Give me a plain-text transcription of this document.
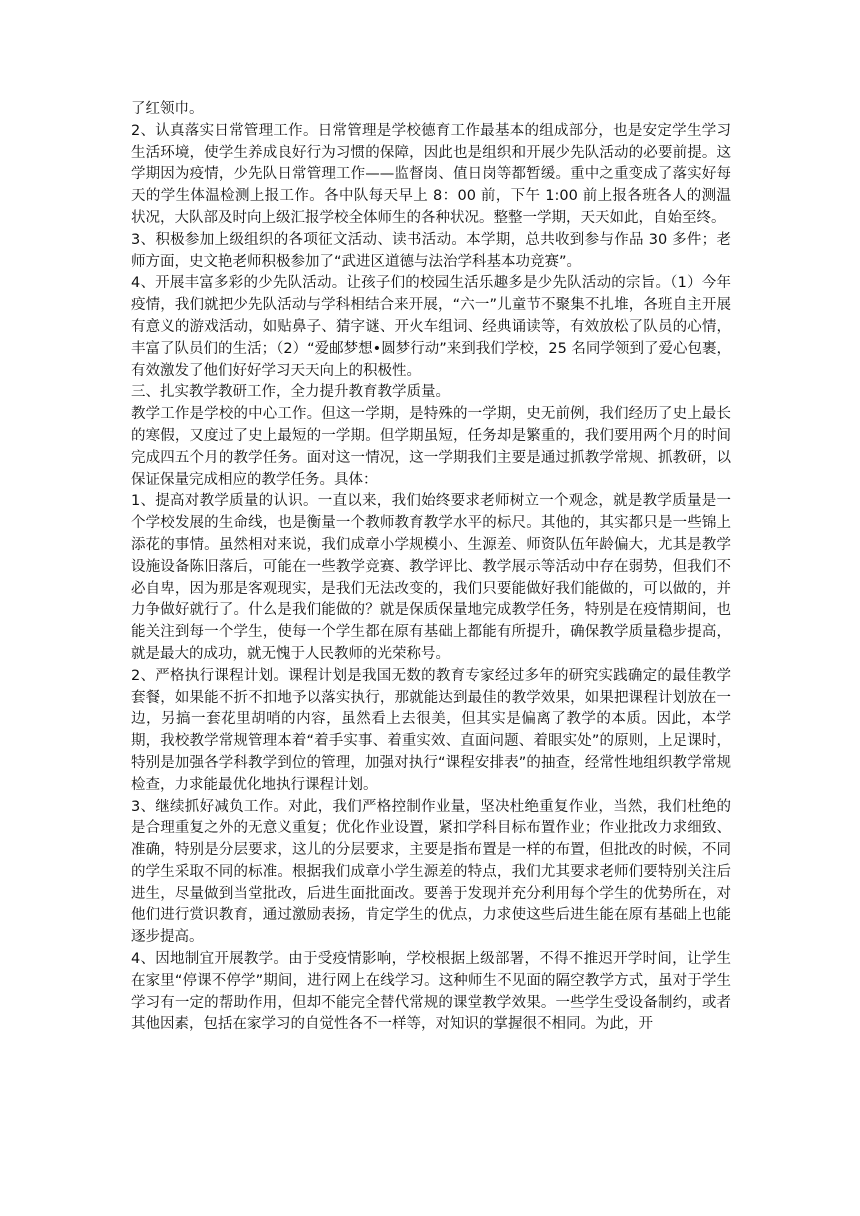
了红领巾。

2、认真落实日常管理工作。日常管理是学校德育工作最基本的组成部分，也是安定学生学习生活环境，使学生养成良好行为习惯的保障，因此也是组织和开展少先队活动的必要前提。这学期因为疫情，少先队日常管理工作——监督岗、值日岗等都暂缓。重中之重变成了落实好每天的学生体温检测上报工作。各中队每天早上 8：00 前，下午 1:00 前上报各班各人的测温状况，大队部及时向上级汇报学校全体师生的各种状况。整整一学期，天天如此，自始至终。

3、积极参加上级组织的各项征文活动、读书活动。本学期，总共收到参与作品 30 多件；老师方面，史文艳老师积极参加了“武进区道德与法治学科基本功竞赛”。

4、开展丰富多彩的少先队活动。让孩子们的校园生活乐趣多是少先队活动的宗旨。（1）今年疫情，我们就把少先队活动与学科相结合来开展，“六一”儿童节不聚集不扎堆，各班自主开展有意义的游戏活动，如贴鼻子、猜字谜、开火车组词、经典诵读等，有效放松了队员的心情，丰富了队员们的生活；（2）“爱邮梦想•圆梦行动”来到我们学校，25 名同学领到了爱心包裹，有效激发了他们好好学习天天向上的积极性。

三、扎实教学教研工作，全力提升教育教学质量。

教学工作是学校的中心工作。但这一学期，是特殊的一学期，史无前例，我们经历了史上最长的寒假，又度过了史上最短的一学期。但学期虽短，任务却是繁重的，我们要用两个月的时间完成四五个月的教学任务。面对这一情况，这一学期我们主要是通过抓教学常规、抓教研，以保证保量完成相应的教学任务。具体：

1、提高对教学质量的认识。一直以来，我们始终要求老师树立一个观念，就是教学质量是一个学校发展的生命线，也是衡量一个教师教育教学水平的标尺。其他的，其实都只是一些锦上添花的事情。虽然相对来说，我们成章小学规模小、生源差、师资队伍年龄偏大，尤其是教学设施设备陈旧落后，可能在一些教学竞赛、教学评比、教学展示等活动中存在弱势，但我们不必自卑，因为那是客观现实，是我们无法改变的，我们只要能做好我们能做的，可以做的，并力争做好就行了。什么是我们能做的？就是保质保量地完成教学任务，特别是在疫情期间，也能关注到每一个学生，使每一个学生都在原有基础上都能有所提升，确保教学质量稳步提高，就是最大的成功，就无愧于人民教师的光荣称号。

2、严格执行课程计划。课程计划是我国无数的教育专家经过多年的研究实践确定的最佳教学套餐，如果能不折不扣地予以落实执行，那就能达到最佳的教学效果，如果把课程计划放在一边，另搞一套花里胡哨的内容，虽然看上去很美，但其实是偏离了教学的本质。因此，本学期，我校教学常规管理本着“着手实事、着重实效、直面问题、着眼实处”的原则，上足课时，特别是加强各学科教学到位的管理，加强对执行“课程安排表”的抽查，经常性地组织教学常规检查，力求能最优化地执行课程计划。

3、继续抓好减负工作。对此，我们严格控制作业量，坚决杜绝重复作业，当然，我们杜绝的是合理重复之外的无意义重复；优化作业设置，紧扣学科目标布置作业；作业批改力求细致、准确，特别是分层要求，这儿的分层要求，主要是指布置是一样的布置，但批改的时候，不同的学生采取不同的标准。根据我们成章小学生源差的特点，我们尤其要求老师们要特别关注后进生，尽量做到当堂批改，后进生面批面改。要善于发现并充分利用每个学生的优势所在，对他们进行赏识教育，通过激励表扬，肯定学生的优点，力求使这些后进生能在原有基础上也能逐步提高。

4、因地制宜开展教学。由于受疫情影响，学校根据上级部署，不得不推迟开学时间，让学生在家里“停课不停学”期间，进行网上在线学习。这种师生不见面的隔空教学方式，虽对于学生学习有一定的帮助作用，但却不能完全替代常规的课堂教学效果。一些学生受设备制约，或者其他因素，包括在家学习的自觉性各不一样等，对知识的掌握很不相同。为此，开
